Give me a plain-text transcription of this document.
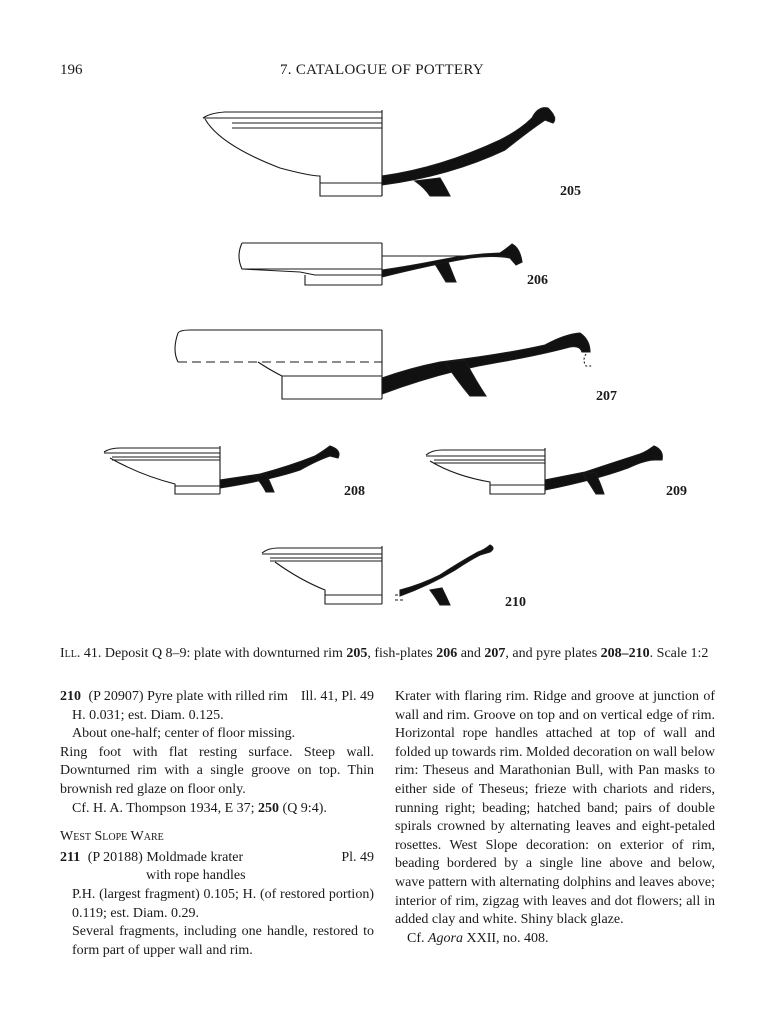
196	7. CATALOGUE OF POTTERY
205
206
207
208	209
210
Ill. 41. Deposit Q 8–9: plate with downturned rim 205, fish-plates 206 and 207, and pyre plates 208–210. Scale 1:2
210 (P 20907) Pyre plate with rilled rim Ill. 41, Pl. 49

H. 0.031; est. Diam. 0.125.

About one-half; center of floor missing.

Ring foot with flat resting surface. Steep wall. Downturned rim with a single groove on top. Thin brownish red glaze on floor only.

Cf. H. A. Thompson 1934, E 37; 250 (Q 9:4).

West Slope Ware
211 (P 20188) Moldmade krater	Pl. 49

with rope handles

P.H. (largest fragment) 0.105; H. (of restored portion) 0.119; est. Diam. 0.29.

Several fragments, including one handle, restored to form part of upper wall and rim.

Krater with flaring rim. Ridge and groove at junction of wall and rim. Groove on top and on vertical edge of rim. Horizontal rope handles attached at top of wall and folded up towards rim. Molded decoration on wall below rim: Theseus and Marathonian Bull, with Pan masks to either side of Theseus; frieze with chariots and riders, running right; beading; hatched band; pairs of double spirals crowned by alternating leaves and eight-petaled rosettes. West Slope decoration: on exterior of rim, beading bordered by a single line above and below, wave pattern with alternating dolphins and leaves above; interior of rim, zigzag with leaves and dot flowers; all in added clay and white. Shiny black glaze.

Cf. Agora XXII, no. 408.
